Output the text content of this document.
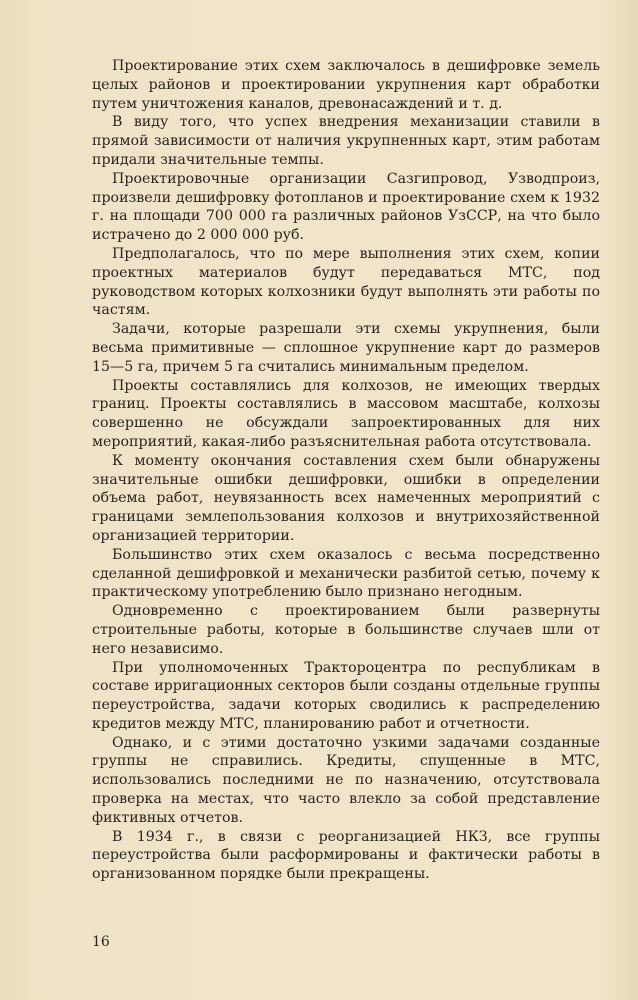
Проектирование этих схем заключалось в дешифровке земель целых районов и проектировании укрупнения карт обработки путем уничтожения каналов, древонасаждений и т. д.

В виду того, что успех внедрения механизации ставили в прямой зависимости от наличия укрупненных карт, этим работам придали значительные темпы.

Проектировочные организации Сазгипровод, Узводпроиз, произвели дешифровку фотопланов и проектирование схем к 1932 г. на площади 700 000 га различных районов УзССР, на что было истрачено до 2 000 000 руб.

Предполагалось, что по мере выполнения этих схем, копии проектных материалов будут передаваться МТС, под руководством которых колхозники будут выполнять эти работы по частям.

Задачи, которые разрешали эти схемы укрупнения, были весьма примитивные — сплошное укрупнение карт до размеров 15—5 га, причем 5 га считались минимальным пределом.

Проекты составлялись для колхозов, не имеющих твердых границ. Проекты составлялись в массовом масштабе, колхозы совершенно не обсуждали запроектированных для них мероприятий, какая-либо разъяснительная работа отсутствовала.

К моменту окончания составления схем были обнаружены значительные ошибки дешифровки, ошибки в определении объема работ, неувязанность всех намеченных мероприятий с границами землепользования колхозов и внутрихозяйственной организацией территории.

Большинство этих схем оказалось с весьма посредственно сделанной дешифровкой и механически разбитой сетью, почему к практическому употреблению было признано негодным.

Одновременно с проектированием были развернуты строительные работы, которые в большинстве случаев шли от него независимо.

При уполномоченных Трактороцентра по республикам в составе ирригационных секторов были созданы отдельные группы переустройства, задачи которых сводились к распределению кредитов между МТС, планированию работ и отчетности.

Однако, и с этими достаточно узкими задачами созданные группы не справились. Кредиты, спущенные в МТС, использовались последними не по назначению, отсутствовала проверка на местах, что часто влекло за собой представление фиктивных отчетов.

В 1934 г., в связи с реорганизацией НКЗ, все группы переустройства были расформированы и фактически работы в организованном порядке были прекращены.

16
